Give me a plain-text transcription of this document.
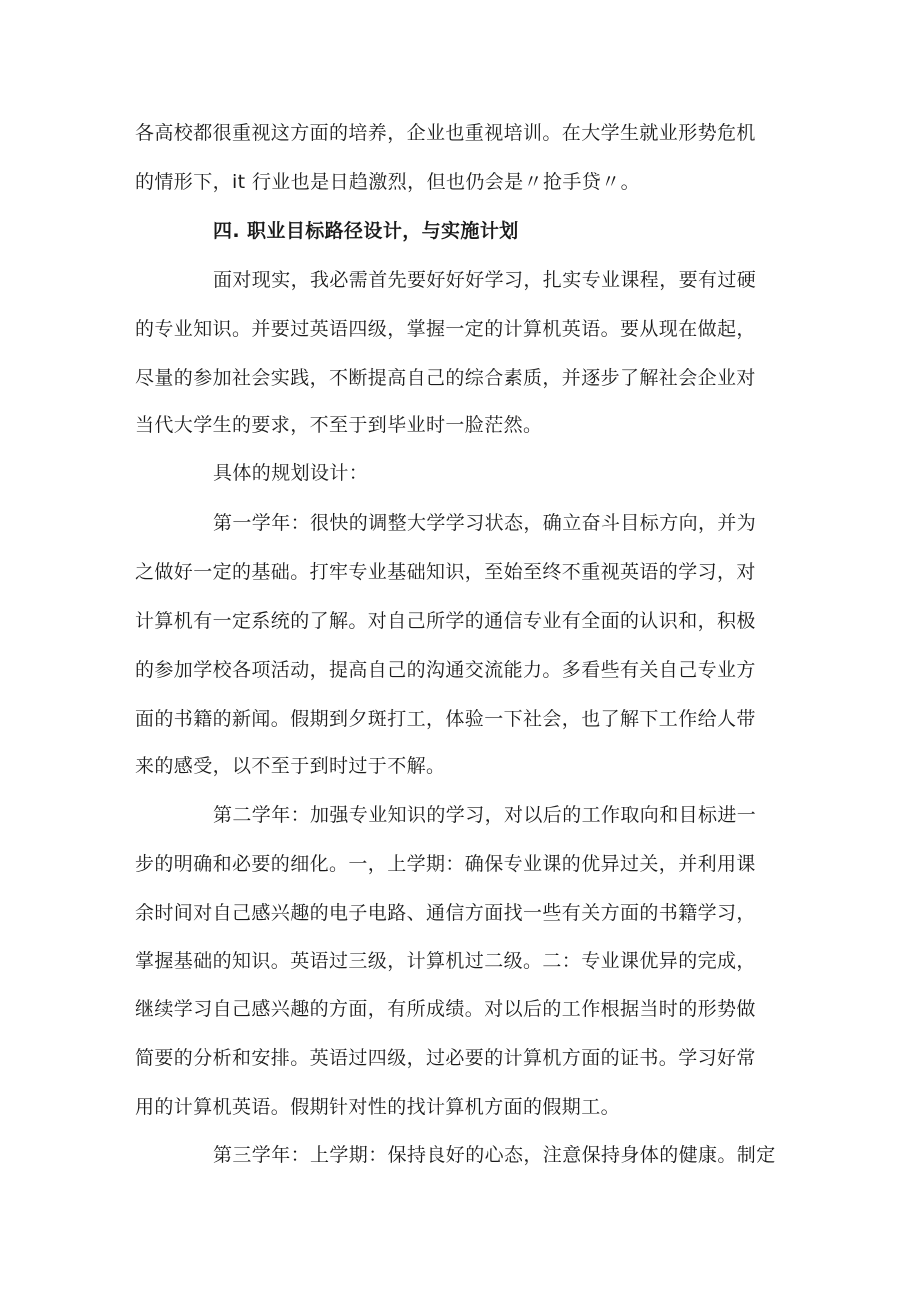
各高校都很重视这方面的培养，企业也重视培训。在大学生就业形势危机
的情形下，it 行业也是日趋激烈，但也仍会是〃抢手贷〃。
四. 职业目标路径设计，与实施计划
面对现实，我必需首先要好好好学习，扎实专业课程，要有过硬
的专业知识。并要过英语四级，掌握一定的计算机英语。要从现在做起，
尽量的参加社会实践，不断提高自己的综合素质，并逐步了解社会企业对
当代大学生的要求，不至于到毕业时一脸茫然。
具体的规划设计：
第一学年：很快的调整大学学习状态，确立奋斗目标方向，并为
之做好一定的基础。打牢专业基础知识，至始至终不重视英语的学习，对
计算机有一定系统的了解。对自己所学的通信专业有全面的认识和，积极
的参加学校各项活动，提高自己的沟通交流能力。多看些有关自己专业方
面的书籍的新闻。假期到夕斑打工，体验一下社会，也了解下工作给人带
来的感受，以不至于到时过于不解。
第二学年：加强专业知识的学习，对以后的工作取向和目标进一
步的明确和必要的细化。一，上学期：确保专业课的优异过关，并利用课
余时间对自己感兴趣的电子电路、通信方面找一些有关方面的书籍学习，
掌握基础的知识。英语过三级，计算机过二级。二：专业课优异的完成，
继续学习自己感兴趣的方面，有所成绩。对以后的工作根据当时的形势做
简要的分析和安排。英语过四级，过必要的计算机方面的证书。学习好常
用的计算机英语。假期针对性的找计算机方面的假期工。
第三学年：上学期：保持良好的心态，注意保持身体的健康。制定
